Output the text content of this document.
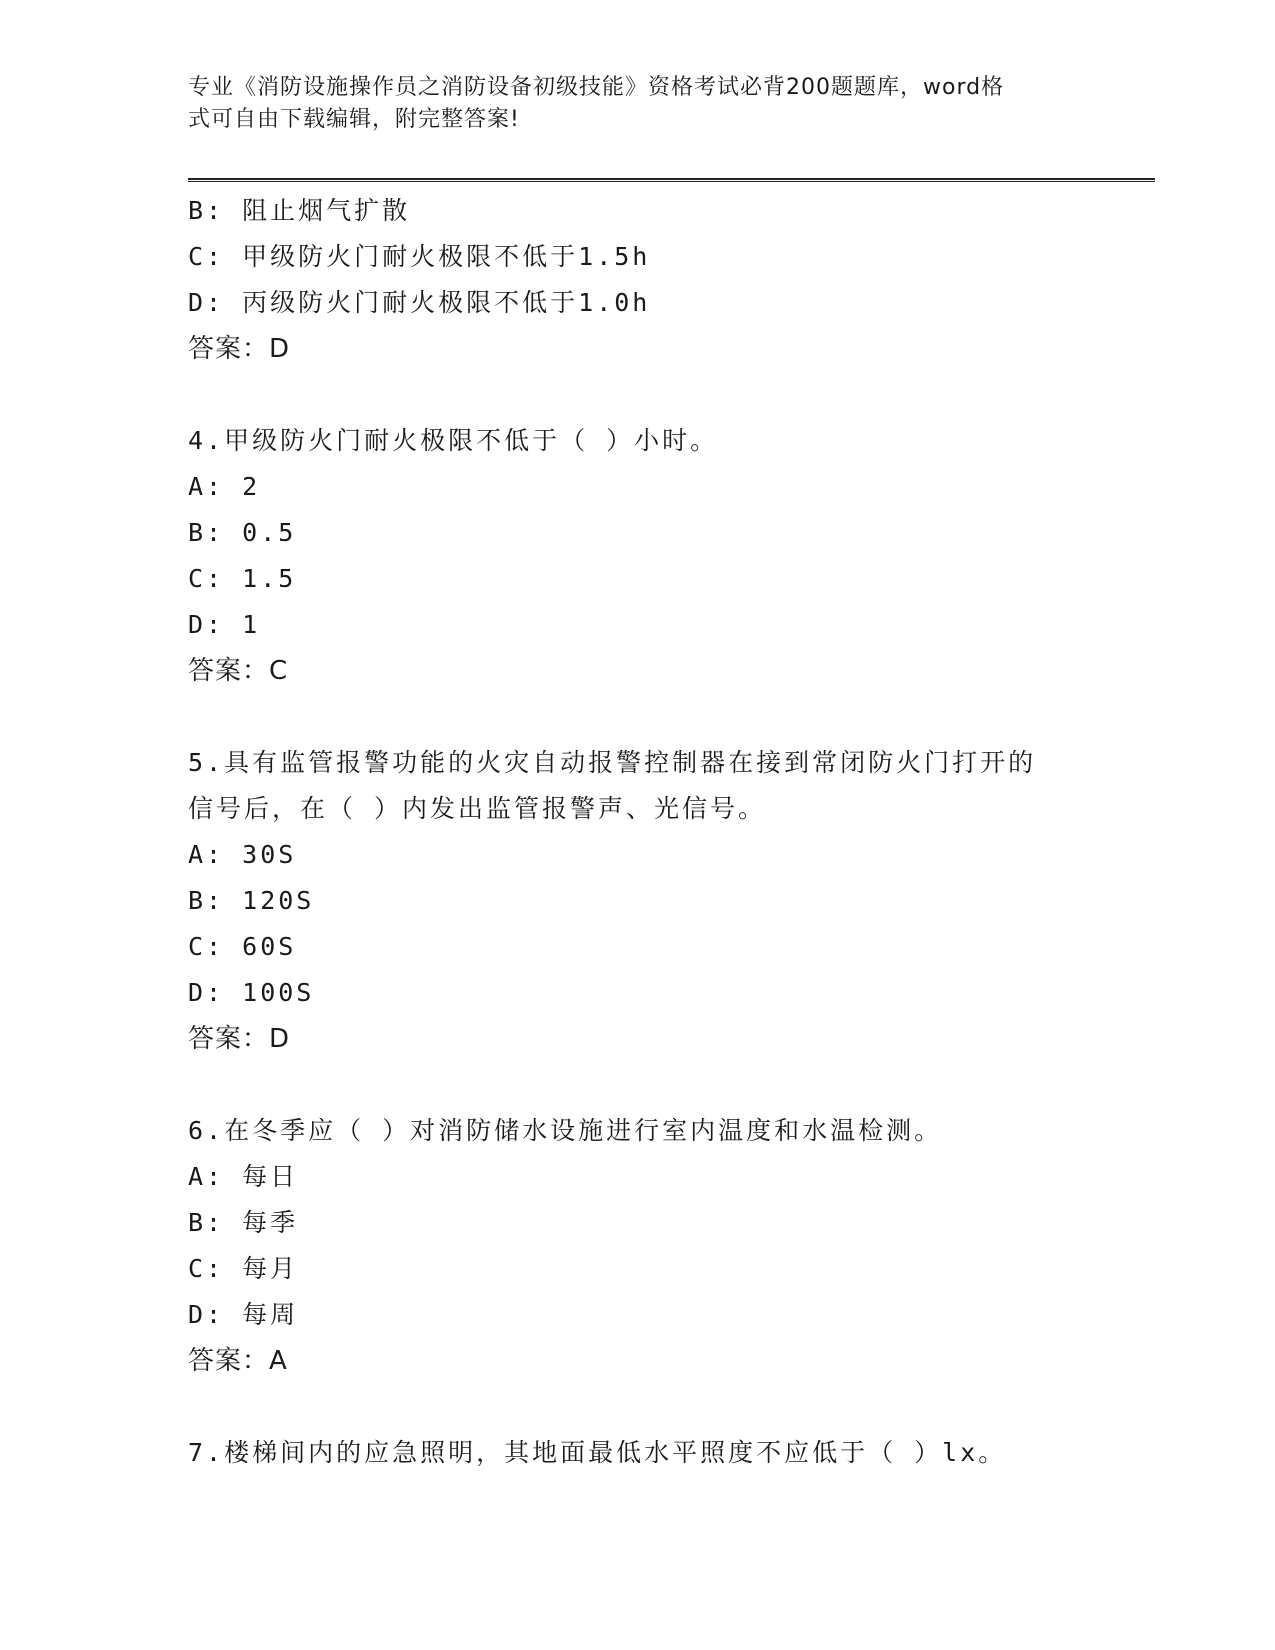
专业《消防设施操作员之消防设备初级技能》资格考试必背200题题库，word格
式可自由下载编辑，附完整答案!
B: 阻止烟气扩散
C: 甲级防火门耐火极限不低于1.5h
D: 丙级防火门耐火极限不低于1.0h
答案：D
4.甲级防火门耐火极限不低于（ ）小时。
A: 2
B: 0.5
C: 1.5
D: 1
答案：C
5.具有监管报警功能的火灾自动报警控制器在接到常闭防火门打开的
信号后，在（ ）内发出监管报警声、光信号。
A: 30S
B: 120S
C: 60S
D: 100S
答案：D
6.在冬季应（ ）对消防储水设施进行室内温度和水温检测。
A: 每日
B: 每季
C: 每月
D: 每周
答案：A
7.楼梯间内的应急照明，其地面最低水平照度不应低于（ ）lx。
